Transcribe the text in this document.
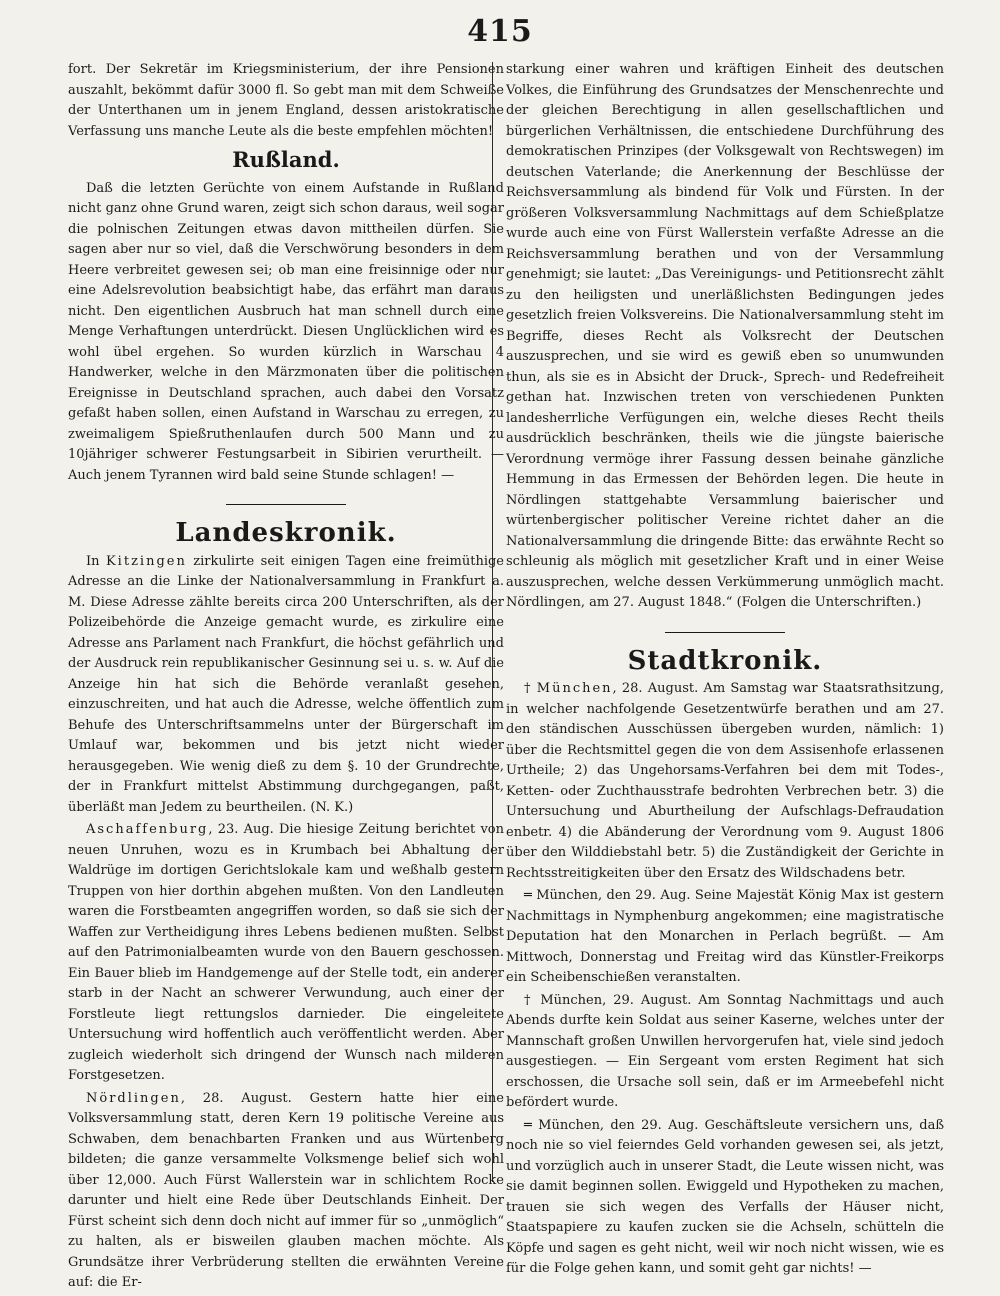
415

fort. Der Sekretär im Kriegsministerium, der ihre Pensionen auszahlt, bekömmt dafür 3000 fl. So gebt man mit dem Schweiße der Unterthanen um in jenem England, dessen aristokratische Verfassung uns manche Leute als die beste empfehlen möchten!

Rußland.

Daß die letzten Gerüchte von einem Aufstande in Rußland nicht ganz ohne Grund waren, zeigt sich schon daraus, weil sogar die polnischen Zeitungen etwas davon mittheilen dürfen. Sie sagen aber nur so viel, daß die Verschwörung besonders in dem Heere verbreitet gewesen sei; ob man eine freisinnige oder nur eine Adelsrevolution beabsichtigt habe, das erfährt man daraus nicht. Den eigentlichen Ausbruch hat man schnell durch eine Menge Verhaftungen unterdrückt. Diesen Unglücklichen wird es wohl übel ergehen. So wurden kürzlich in Warschau 4 Handwerker, welche in den Märzmonaten über die politischen Ereignisse in Deutschland sprachen, auch dabei den Vorsatz gefaßt haben sollen, einen Aufstand in Warschau zu erregen, zu zweimaligem Spießruthenlaufen durch 500 Mann und zu 10jähriger schwerer Festungsarbeit in Sibirien verurtheilt. — Auch jenem Tyrannen wird bald seine Stunde schlagen! —

Landeskronik.

In Kitzingen zirkulirte seit einigen Tagen eine freimüthige Adresse an die Linke der Nationalversammlung in Frankfurt a. M. Diese Adresse zählte bereits circa 200 Unterschriften, als der Polizeibehörde die Anzeige gemacht wurde, es zirkulire eine Adresse ans Parlament nach Frankfurt, die höchst gefährlich und der Ausdruck rein republikanischer Gesinnung sei u. s. w. Auf die Anzeige hin hat sich die Behörde veranlaßt gesehen, einzuschreiten, und hat auch die Adresse, welche öffentlich zum Behufe des Unterschriftsammelns unter der Bürgerschaft im Umlauf war, bekommen und bis jetzt nicht wieder herausgegeben. Wie wenig dieß zu dem §. 10 der Grundrechte, der in Frankfurt mittelst Abstimmung durchgegangen, paßt, überläßt man Jedem zu beurtheilen. (N. K.)

Aschaffenburg, 23. Aug. Die hiesige Zeitung berichtet von neuen Unruhen, wozu es in Krumbach bei Abhaltung der Waldrüge im dortigen Gerichtslokale kam und weßhalb gestern Truppen von hier dorthin abgehen mußten. Von den Landleuten waren die Forstbeamten angegriffen worden, so daß sie sich der Waffen zur Vertheidigung ihres Lebens bedienen mußten. Selbst auf den Patrimonialbeamten wurde von den Bauern geschossen. Ein Bauer blieb im Handgemenge auf der Stelle todt, ein anderer starb in der Nacht an schwerer Verwundung, auch einer der Forstleute liegt rettungslos darnieder. Die eingeleitete Untersuchung wird hoffentlich auch veröffentlicht werden. Aber zugleich wiederholt sich dringend der Wunsch nach milderen Forstgesetzen.

Nördlingen, 28. August. Gestern hatte hier eine Volksversammlung statt, deren Kern 19 politische Vereine aus Schwaben, dem benachbarten Franken und aus Würtenberg bildeten; die ganze versammelte Volksmenge belief sich wohl über 12,000. Auch Fürst Wallerstein war in schlichtem Rocke darunter und hielt eine Rede über Deutschlands Einheit. Der Fürst scheint sich denn doch nicht auf immer für so „unmöglich“ zu halten, als er bisweilen glauben machen möchte. Als Grundsätze ihrer Verbrüderung stellten die erwähnten Vereine auf: die Er-

starkung einer wahren und kräftigen Einheit des deutschen Volkes, die Einführung des Grundsatzes der Menschenrechte und der gleichen Berechtigung in allen gesellschaftlichen und bürgerlichen Verhältnissen, die entschiedene Durchführung des demokratischen Prinzipes (der Volksgewalt von Rechtswegen) im deutschen Vaterlande; die Anerkennung der Beschlüsse der Reichsversammlung als bindend für Volk und Fürsten. In der größeren Volksversammlung Nachmittags auf dem Schießplatze wurde auch eine von Fürst Wallerstein verfaßte Adresse an die Reichsversammlung berathen und von der Versammlung genehmigt; sie lautet: „Das Vereinigungs- und Petitionsrecht zählt zu den heiligsten und unerläßlichsten Bedingungen jedes gesetzlich freien Volksvereins. Die Nationalversammlung steht im Begriffe, dieses Recht als Volksrecht der Deutschen auszusprechen, und sie wird es gewiß eben so unumwunden thun, als sie es in Absicht der Druck-, Sprech- und Redefreiheit gethan hat. Inzwischen treten von verschiedenen Punkten landesherrliche Verfügungen ein, welche dieses Recht theils ausdrücklich beschränken, theils wie die jüngste baierische Verordnung vermöge ihrer Fassung dessen beinahe gänzliche Hemmung in das Ermessen der Behörden legen. Die heute in Nördlingen stattgehabte Versammlung baierischer und würtenbergischer politischer Vereine richtet daher an die Nationalversammlung die dringende Bitte: das erwähnte Recht so schleunig als möglich mit gesetzlicher Kraft und in einer Weise auszusprechen, welche dessen Verkümmerung unmöglich macht. Nördlingen, am 27. August 1848.“ (Folgen die Unterschriften.)

Stadtkronik.

† München, 28. August. Am Samstag war Staatsrathsitzung, in welcher nachfolgende Gesetzentwürfe berathen und am 27. den ständischen Ausschüssen übergeben wurden, nämlich: 1) über die Rechtsmittel gegen die von dem Assisenhofe erlassenen Urtheile; 2) das Ungehorsams-Verfahren bei dem mit Todes-, Ketten- oder Zuchthausstrafe bedrohten Verbrechen betr. 3) die Untersuchung und Aburtheilung der Aufschlags-Defraudation enbetr. 4) die Abänderung der Verordnung vom 9. August 1806 über den Wilddiebstahl betr. 5) die Zuständigkeit der Gerichte in Rechtsstreitigkeiten über den Ersatz des Wildschadens betr.

═ München, den 29. Aug. Seine Majestät König Max ist gestern Nachmittags in Nymphenburg angekommen; eine magistratische Deputation hat den Monarchen in Perlach begrüßt. — Am Mittwoch, Donnerstag und Freitag wird das Künstler-Freikorps ein Scheibenschießen veranstalten.

† München, 29. August. Am Sonntag Nachmittags und auch Abends durfte kein Soldat aus seiner Kaserne, welches unter der Mannschaft großen Unwillen hervorgerufen hat, viele sind jedoch ausgestiegen. — Ein Sergeant vom ersten Regiment hat sich erschossen, die Ursache soll sein, daß er im Armeebefehl nicht befördert wurde.

═ München, den 29. Aug. Geschäftsleute versichern uns, daß noch nie so viel feierndes Geld vorhanden gewesen sei, als jetzt, und vorzüglich auch in unserer Stadt, die Leute wissen nicht, was sie damit beginnen sollen. Ewiggeld und Hypotheken zu machen, trauen sie sich wegen des Verfalls der Häuser nicht, Staatspapiere zu kaufen zucken sie die Achseln, schütteln die Köpfe und sagen es geht nicht, weil wir noch nicht wissen, wie es für die Folge gehen kann, und somit geht gar nichts! —
